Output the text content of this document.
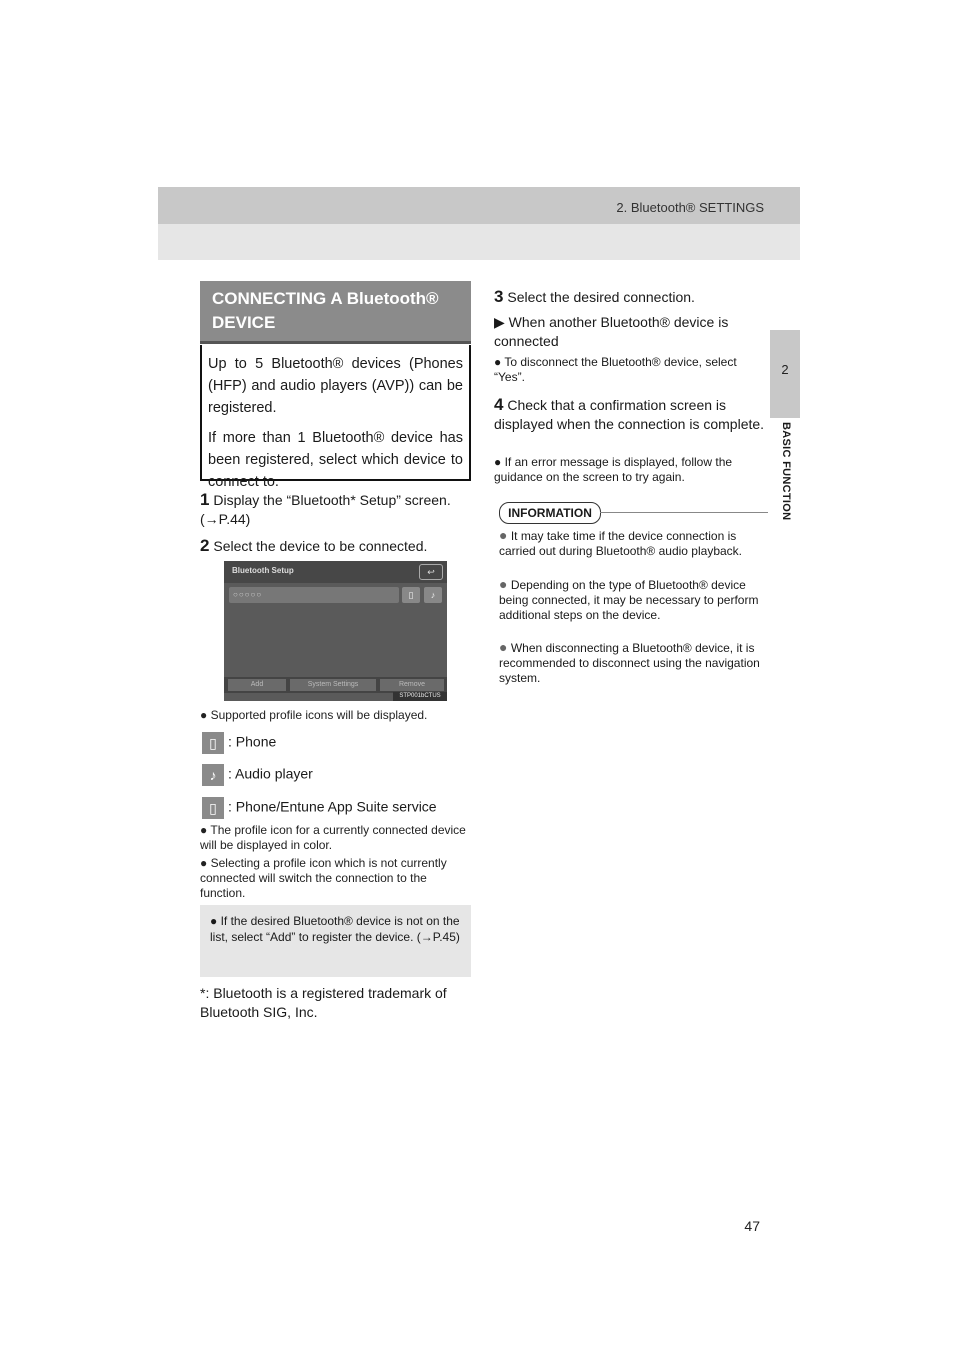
2. Bluetooth® SETTINGS
2
BASIC FUNCTION
CONNECTING A Bluetooth® DEVICE

Up to 5 Bluetooth® devices (Phones (HFP) and audio players (AVP)) can be registered.

If more than 1 Bluetooth® device has been registered, select which device to connect to.

1 Display the “Bluetooth* Setup” screen. (→P.44)
2 Select the device to be connected.
Bluetooth Setup	↩
○○○○○	▯	♪
Add	System Settings	Remove
STP001bCTUS
● Supported profile icons will be displayed.
▯ : Phone
♪ : Audio player
▯ : Phone/Entune App Suite service
● The profile icon for a currently connected device will be displayed in color.
● Selecting a profile icon which is not currently connected will switch the connection to the function.
● If the desired Bluetooth® device is not on the list, select “Add” to register the device. (→P.45)
*: Bluetooth is a registered trademark of Bluetooth SIG, Inc.
3 Select the desired connection.
▶ When another Bluetooth® device is connected
● To disconnect the Bluetooth® device, select “Yes”.
4 Check that a confirmation screen is displayed when the connection is complete.
● If an error message is displayed, follow the guidance on the screen to try again.
INFORMATION
● It may take time if the device connection is carried out during Bluetooth® audio playback.
● Depending on the type of Bluetooth® device being connected, it may be necessary to perform additional steps on the device.
● When disconnecting a Bluetooth® device, it is recommended to disconnect using the navigation system.
47
